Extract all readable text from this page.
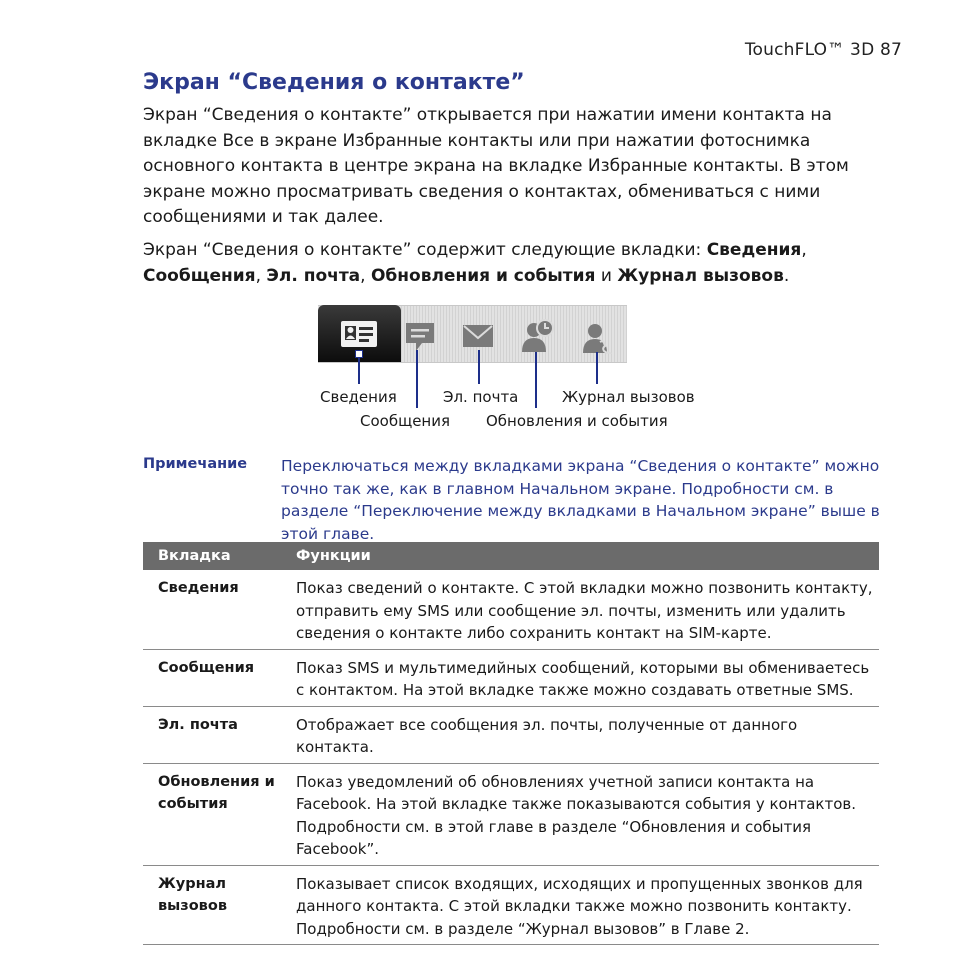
TouchFLO™ 3D 87
Экран “Сведения о контакте”

Экран “Сведения о контакте” открывается при нажатии имени контакта на вкладке Все в экране Избранные контакты или при нажатии фотоснимка основного контакта в центре экрана на вкладке Избранные контакты. В этом экране можно просматривать сведения о контактах, обмениваться с ними сообщениями и так далее.

Экран “Сведения о контакте” содержит следующие вкладки: Сведения, Сообщения, Эл. почта, Обновления и события и Журнал вызовов.

Сведения	Эл. почта	Журнал вызовов
Сообщения Обновления и события
Примечание Переключаться между вкладками экрана “Сведения о контакте” можно точно так же, как в главном Начальном экране. Подробности см. в разделе “Переключение между вкладками в Начальном экране” выше в этой главе.
Вкладка	Функции
Сведения	Показ сведений о контакте. С этой вкладки можно позвонить контакту, отправить ему SMS или сообщение эл. почты, изменить или удалить сведения о контакте либо сохранить контакт на SIM-карте.
Сообщения	Показ SMS и мультимедийных сообщений, которыми вы обмениваетесь с контактом. На этой вкладке также можно создавать ответные SMS.
Эл. почта	Отображает все сообщения эл. почты, полученные от данного контакта.
Обновления и события	Показ уведомлений об обновлениях учетной записи контакта на Facebook. На этой вкладке также показываются события у контактов. Подробности см. в этой главе в разделе “Обновления и события Facebook”.
Журнал вызовов	Показывает список входящих, исходящих и пропущенных звонков для данного контакта. С этой вкладки также можно позвонить контакту. Подробности см. в разделе “Журнал вызовов” в Главе 2.
